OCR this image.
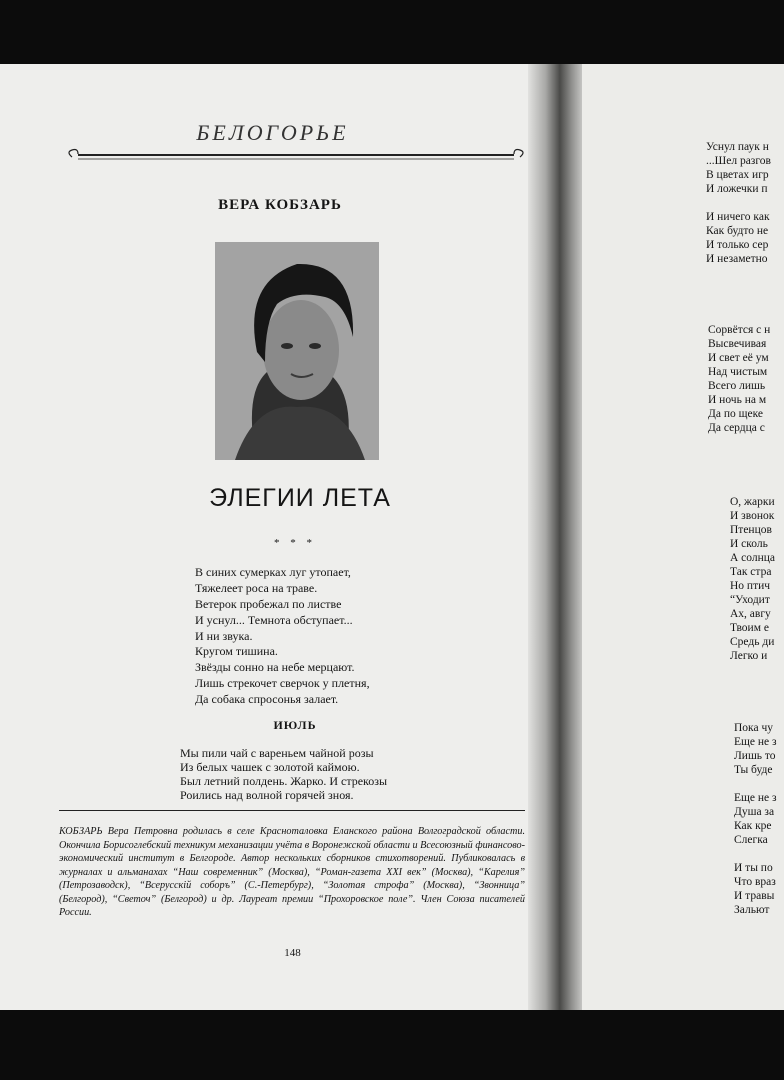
БЕЛОГОРЬЕ
ВЕРА КОБЗАРЬ
ЭЛЕГИИ ЛЕТА
* * *
В синих сумерках луг утопает,
Тяжелеет роса на траве.
Ветерок пробежал по листве
И уснул... Темнота обступает...
И ни звука.
Кругом тишина.
Звёзды сонно на небе мерцают.
Лишь стрекочет сверчок у плетня,
Да собака спросонья залает.
ИЮЛЬ
Мы пили чай с вареньем чайной розы
Из белых чашек с золотой каймою.
Был летний полдень. Жарко. И стрекозы
Роились над волной горячей зноя.
КОБЗАРЬ Вера Петровна родилась в селе Красноталовка Еланского района Волгоградской области. Окончила Борисоглебский техникум механизации учёта в Воронежской области и Всесоюзный финансово-экономический институт в Белгороде. Автор нескольких сборников стихотворений. Публиковалась в журналах и альманахах “Наш современник” (Москва), “Роман-газета XXI век” (Москва), “Карелия” (Петрозаводск), “Всерусскiй соборъ” (С.-Петербург), “Золотая строфа” (Москва), “Звонница” (Белгород), “Светоч” (Белгород) и др. Лауреат премии “Прохоровское поле”. Член Союза писателей России.
148
Уснул паук н
...Шел разгов
В цветах игр
И ложечки п
И ничего как
Как будто не
И только сер
И незаметно
Сорвётся с н
Высвечивая
И свет её ум
Над чистым
Всего лишь
И ночь на м
Да по щеке
Да сердца с
О, жарки
И звонок
Птенцов
И сколь
А солнца
Так стра
Но птич
“Уходит
Ах, авгу
Твоим е
Средь ди
Легко и
Пока чу
Еще не з
Лишь то
Ты буде
Еще не з
Душа за
Как кре
Слегка
И ты по
Что враз
И травы
Зальют
